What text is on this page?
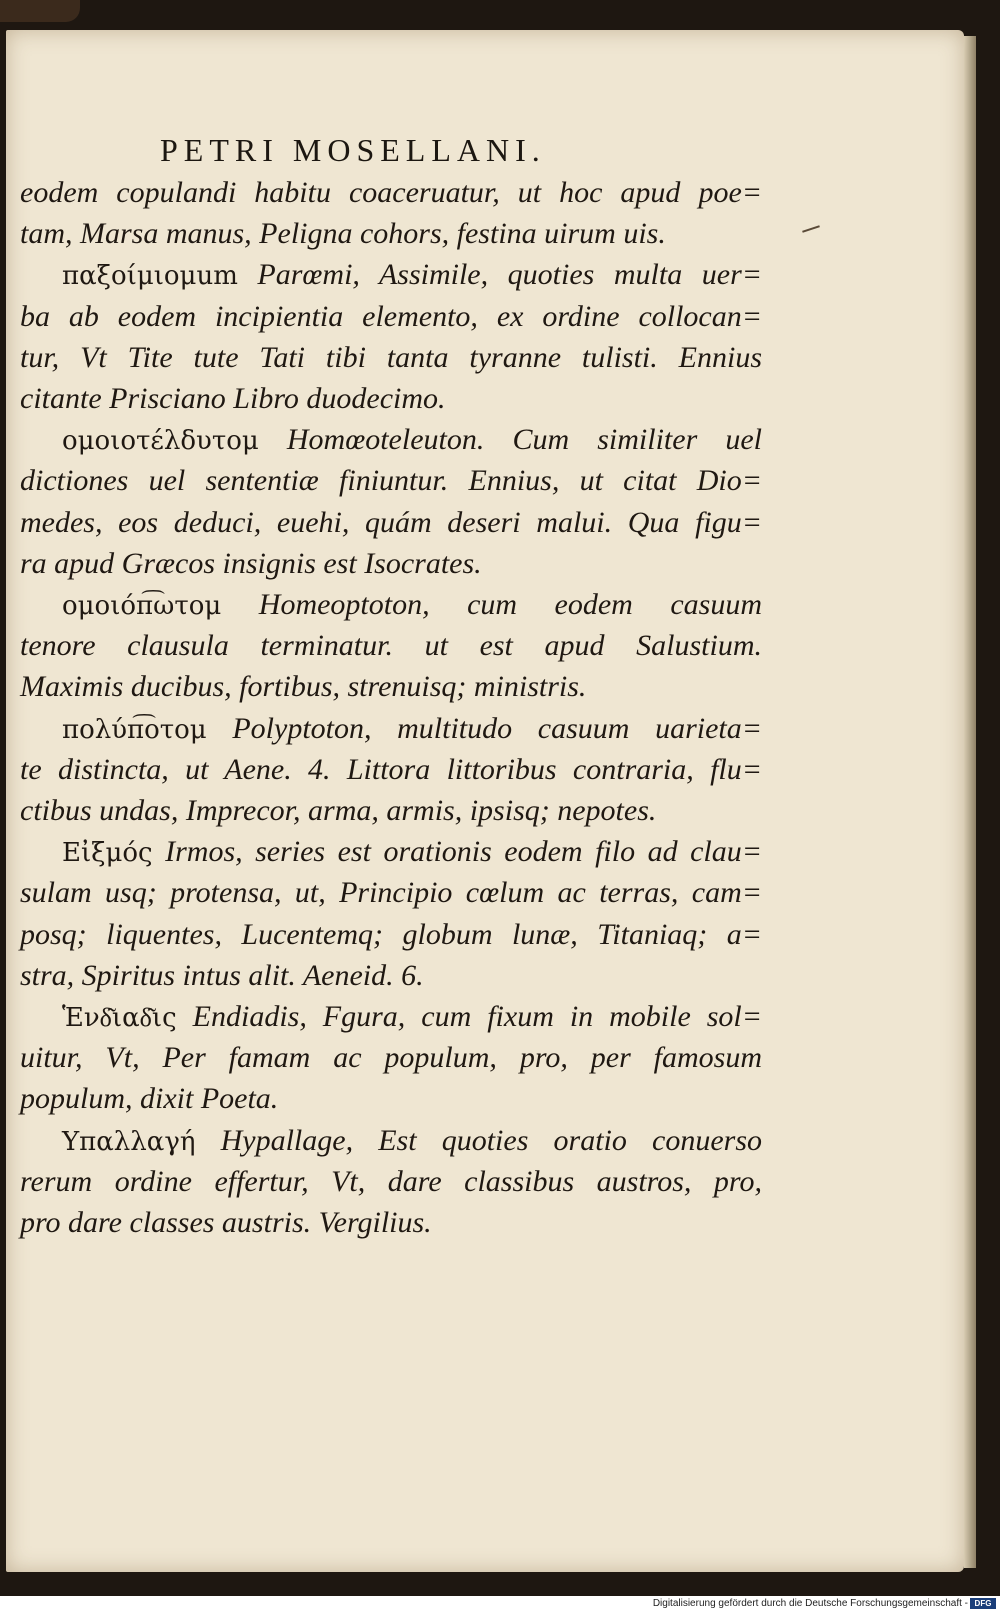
PETRI MOSELLANI.
eodem copulandi habitu coaceruatur, ut hoc apud poe=
tam, Marsa manus, Peligna cohors, festina uirum uis.
παξοίμιομum Parœmi, Assimile, quoties multa uer=
ba ab eodem incipientia elemento, ex ordine collocan=
tur, Vt Tite tute Tati tibi tanta tyranne tulisti. Ennius
citante Prisciano Libro duodecimo.
ομοιοτέλδυτομ Homœoteleuton. Cum similiter uel
dictiones uel sententiæ finiuntur. Ennius, ut citat Dio=
medes, eos deduci, euehi, quám deseri malui. Qua figu=
ra apud Græcos insignis est Isocrates.
ομοιόπ͡ωτομ Homeoptoton, cum eodem casuum
tenore clausula terminatur. ut est apud Salustium.
Maximis ducibus, fortibus, strenuisq; ministris.
πολύπ͡οτομ Polyptoton, multitudo casuum uarieta=
te distincta, ut Aene. 4. Littora littoribus contraria, flu=
ctibus undas, Imprecor, arma, armis, ipsisq; nepotes.
Εἰξμός Irmos, series est orationis eodem filo ad clau=
sulam usq; protensa, ut, Principio cœlum ac terras, cam=
posq; liquentes, Lucentemq; globum lunæ, Titaniaq; a=
stra, Spiritus intus alit. Aeneid. 6.
Ἑνδ͂ιαδ͂ις Endiadis, Fgura, cum fixum in mobile sol=
uitur, Vt, Per famam ac populum, pro, per famosum
populum, dixit Poeta.
Υπαλλαγή Hypallage, Est quoties oratio conuerso
rerum ordine effertur, Vt, dare classibus austros, pro,
pro dare classes austris. Vergilius.
Digitalisierung gefördert durch die Deutsche Forschungsgemeinschaft - DFG
